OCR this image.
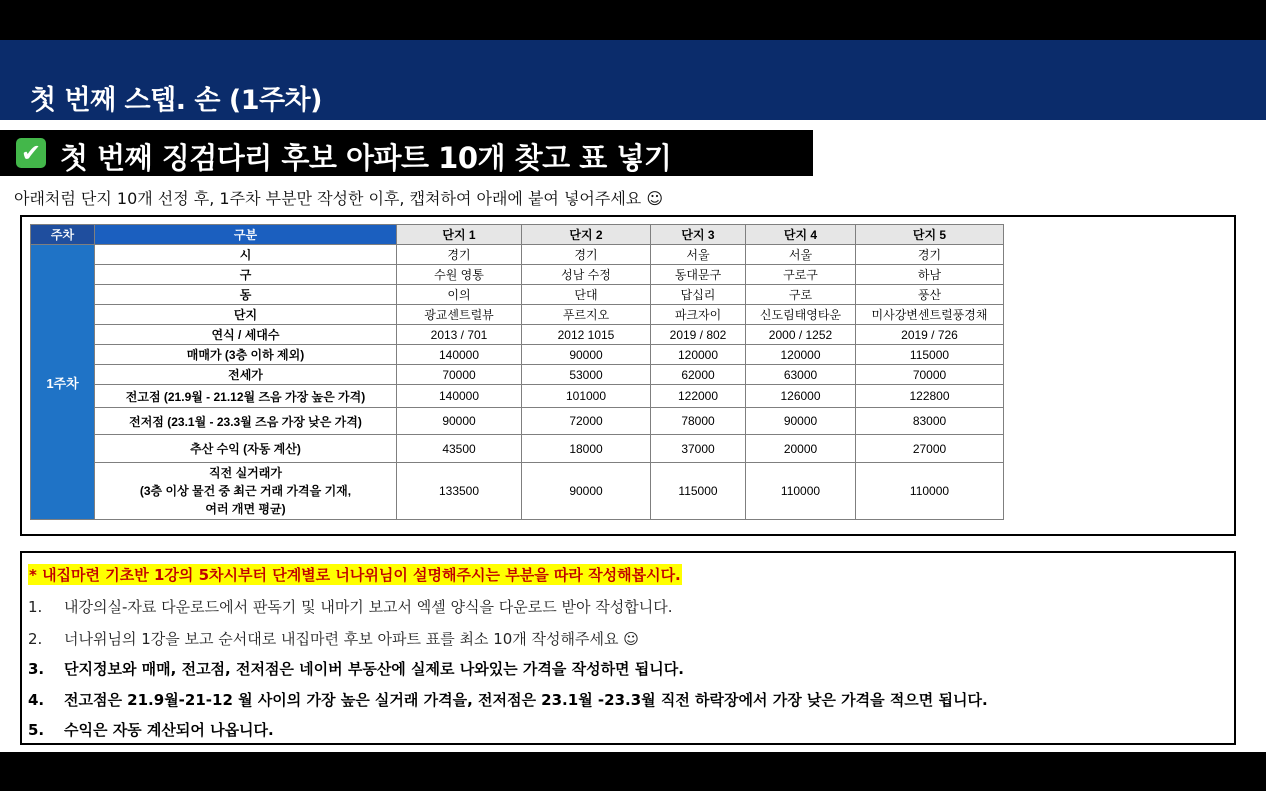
첫 번째 스텝. 손 (1주차)
✔ 첫 번째 징검다리 후보 아파트 10개 찾고 표 넣기
아래처럼 단지 10개 선정 후, 1주차 부분만 작성한 이후, 캡쳐하여 아래에 붙여 넣어주세요 ☺
주차	구분	단지 1	단지 2	단지 3	단지 4	단지 5
1주차	시	경기	경기	서울	서울	경기
	구	수원 영통	성남 수정	동대문구	구로구	하남
	동	이의	단대	답십리	구로	풍산
	단지	광교센트럴뷰	푸르지오	파크자이	신도림태영타운	미사강변센트럴풍경채
	연식 / 세대수	2013 / 701	2012 1015	2019 / 802	2000 / 1252	2019 / 726
	매매가 (3층 이하 제외)	140000	90000	120000	120000	115000
	전세가	70000	53000	62000	63000	70000
	전고점 (21.9월 - 21.12월 즈음 가장 높은 가격)	140000	101000	122000	126000	122800
	전저점 (23.1월 - 23.3월 즈음 가장 낮은 가격)	90000	72000	78000	90000	83000
	추산 수익 (자동 계산)	43500	18000	37000	20000	27000

	직전 실거래가
(3층 이상 물건 중 최근 거래 가격을 기재,
여러 개면 평균)	133500	90000	115000	110000	110000
* 내집마련 기초반 1강의 5차시부터 단계별로 너나위님이 설명해주시는 부분을 따라 작성해봅시다.
1. 내강의실-자료 다운로드에서 판독기 및 내마기 보고서 엑셀 양식을 다운로드 받아 작성합니다.
2. 너나위님의 1강을 보고 순서대로 내집마련 후보 아파트 표를 최소 10개 작성해주세요 ☺
3. 단지정보와 매매, 전고점, 전저점은 네이버 부동산에 실제로 나와있는 가격을 작성하면 됩니다.
4. 전고점은 21.9월-21-12 월 사이의 가장 높은 실거래 가격을, 전저점은 23.1월 -23.3월 직전 하락장에서 가장 낮은 가격을 적으면 됩니다.
5. 수익은 자동 계산되어 나옵니다.
